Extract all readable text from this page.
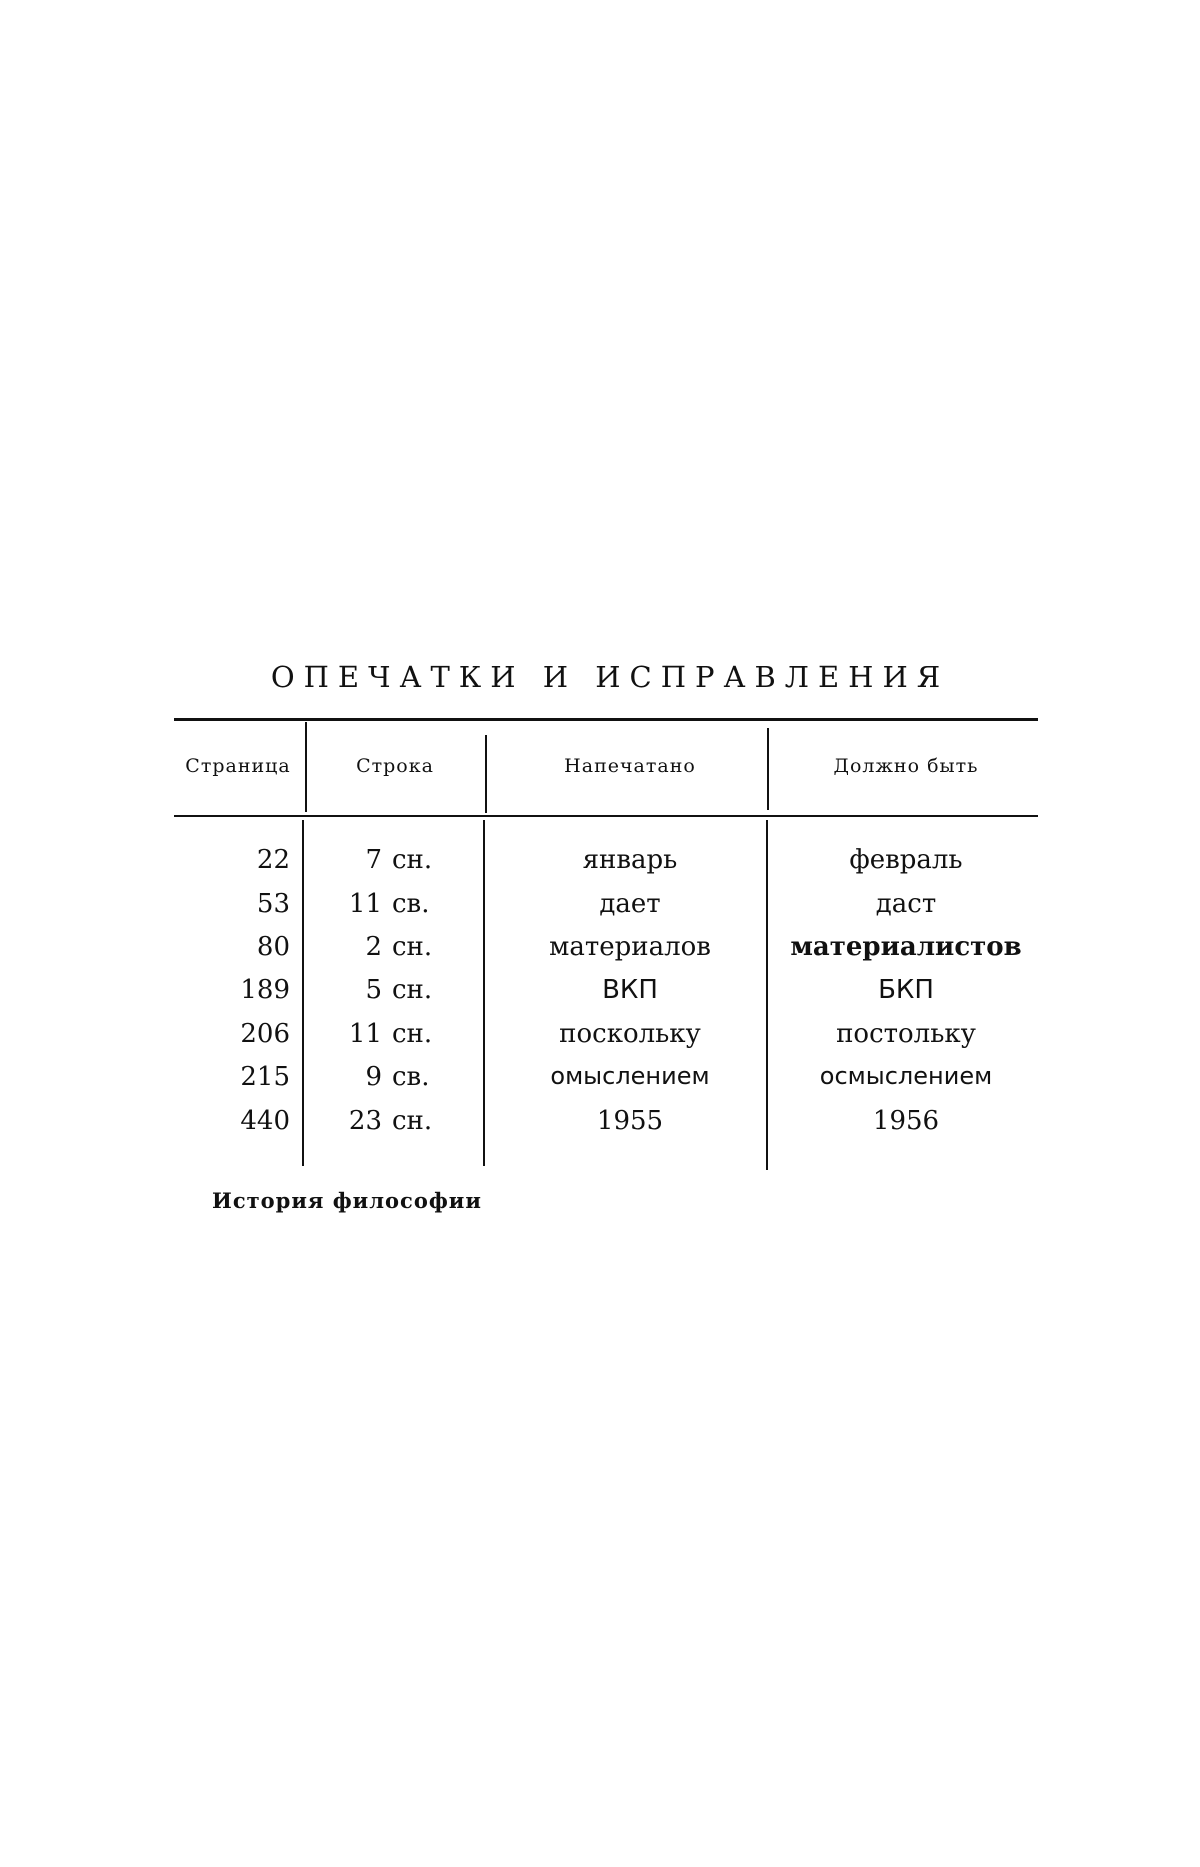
ОПЕЧАТКИ И ИСПРАВЛЕНИЯ
Страница	Строка	Напечатано	Должно быть
22	7 сн.	январь	февраль
53	11 св.	дает	даст
80	2 сн.	материалов	материалистов
189	5 сн.	ВКП	БКП
206	11 сн.	поскольку	постольку
215	9 св.	омыслением	осмыслением
440	23 сн.	1955	1956
История философии
